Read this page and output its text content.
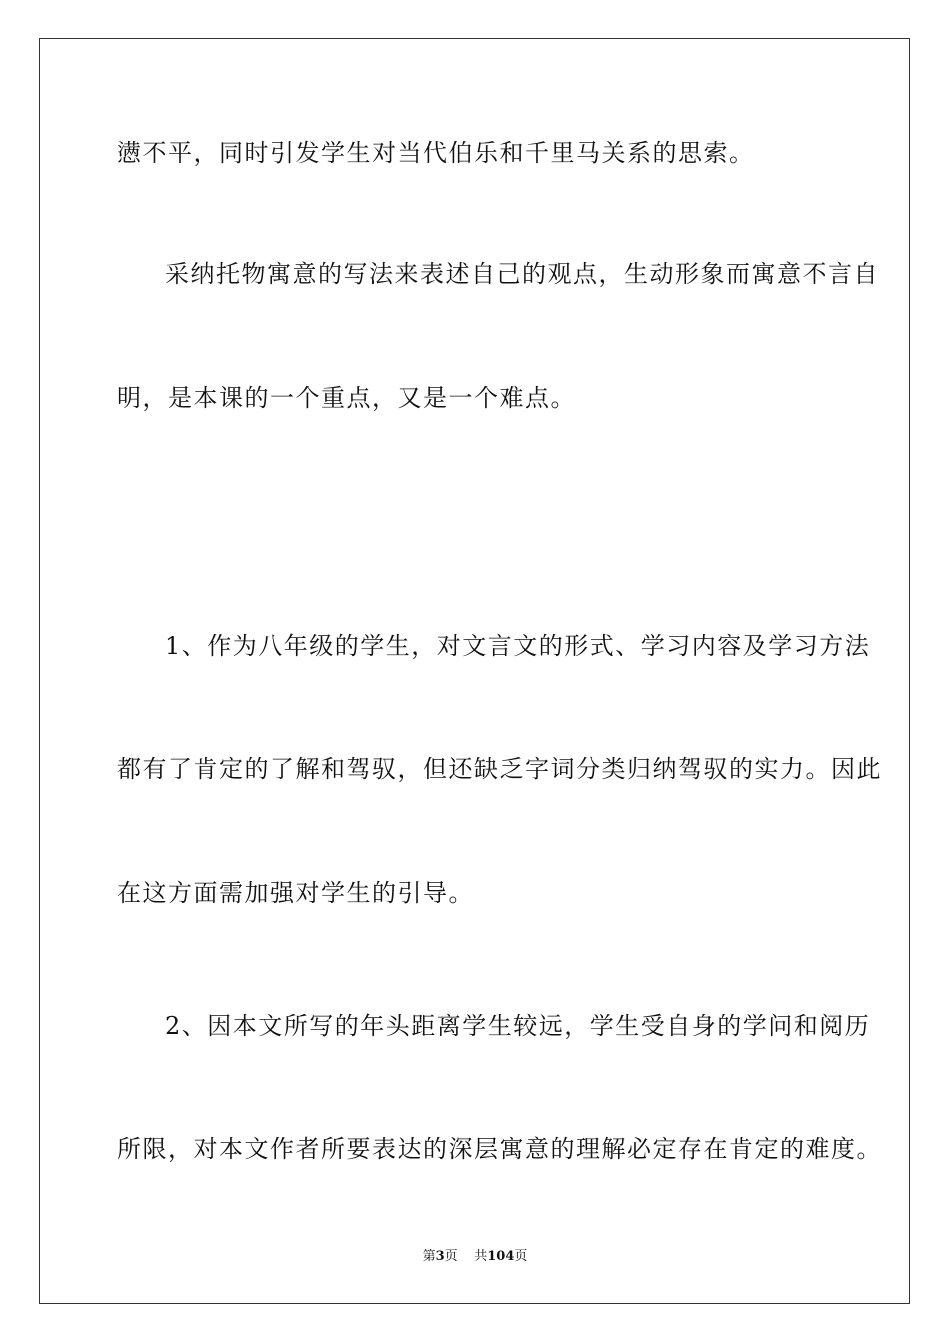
懑不平，同时引发学生对当代伯乐和千里马关系的思索。
采纳托物寓意的写法来表述自己的观点，生动形象而寓意不言自
明，是本课的一个重点，又是一个难点。
1、作为八年级的学生，对文言文的形式、学习内容及学习方法
都有了肯定的了解和驾驭，但还缺乏字词分类归纳驾驭的实力。因此
在这方面需加强对学生的引导。
2、因本文所写的年头距离学生较远，学生受自身的学问和阅历
所限，对本文作者所要表达的深层寓意的理解必定存在肯定的难度。
第3页 共104页
